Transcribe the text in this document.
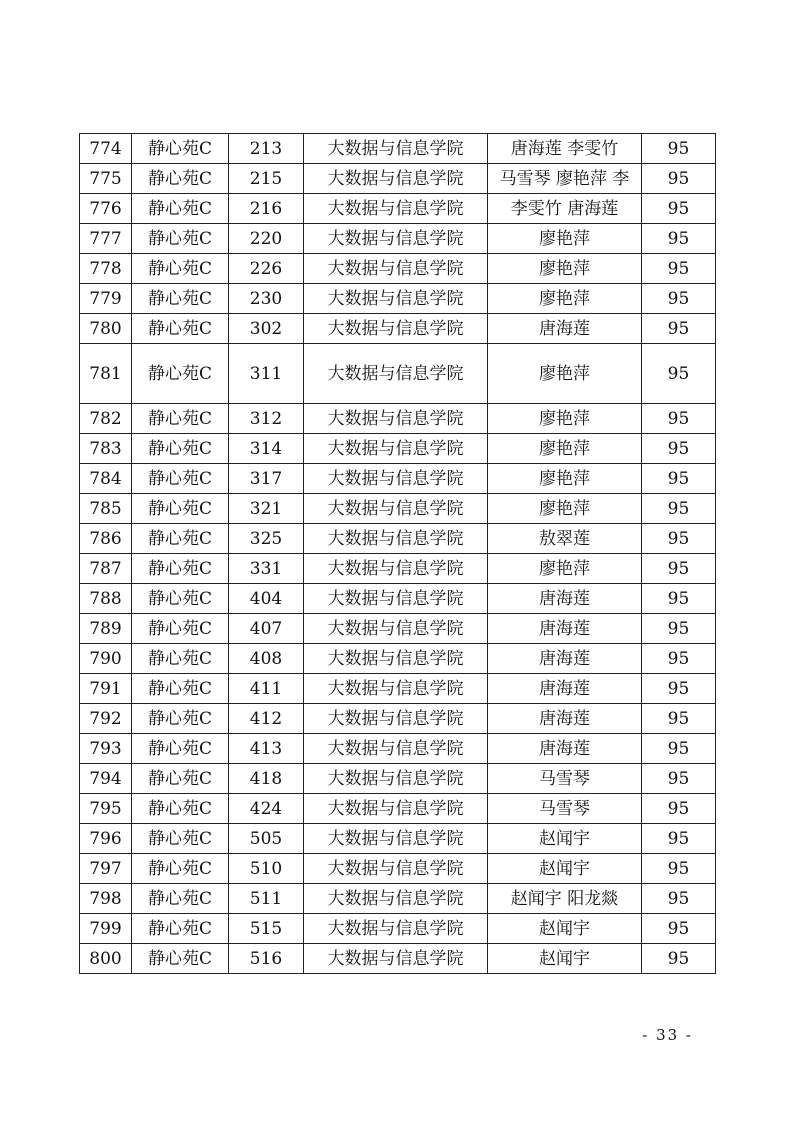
774	静心苑C	213	大数据与信息学院	唐海莲 李雯竹	95
775	静心苑C	215	大数据与信息学院	马雪琴 廖艳萍 李	95
776	静心苑C	216	大数据与信息学院	李雯竹 唐海莲	95
777	静心苑C	220	大数据与信息学院	廖艳萍	95
778	静心苑C	226	大数据与信息学院	廖艳萍	95
779	静心苑C	230	大数据与信息学院	廖艳萍	95
780	静心苑C	302	大数据与信息学院	唐海莲	95
781	静心苑C	311	大数据与信息学院	廖艳萍	95
782	静心苑C	312	大数据与信息学院	廖艳萍	95
783	静心苑C	314	大数据与信息学院	廖艳萍	95
784	静心苑C	317	大数据与信息学院	廖艳萍	95
785	静心苑C	321	大数据与信息学院	廖艳萍	95
786	静心苑C	325	大数据与信息学院	敖翠莲	95
787	静心苑C	331	大数据与信息学院	廖艳萍	95
788	静心苑C	404	大数据与信息学院	唐海莲	95
789	静心苑C	407	大数据与信息学院	唐海莲	95
790	静心苑C	408	大数据与信息学院	唐海莲	95
791	静心苑C	411	大数据与信息学院	唐海莲	95
792	静心苑C	412	大数据与信息学院	唐海莲	95
793	静心苑C	413	大数据与信息学院	唐海莲	95
794	静心苑C	418	大数据与信息学院	马雪琴	95
795	静心苑C	424	大数据与信息学院	马雪琴	95
796	静心苑C	505	大数据与信息学院	赵闻宇	95
797	静心苑C	510	大数据与信息学院	赵闻宇	95
798	静心苑C	511	大数据与信息学院	赵闻宇 阳龙燚	95
799	静心苑C	515	大数据与信息学院	赵闻宇	95
800	静心苑C	516	大数据与信息学院	赵闻宇	95
- 33 -
